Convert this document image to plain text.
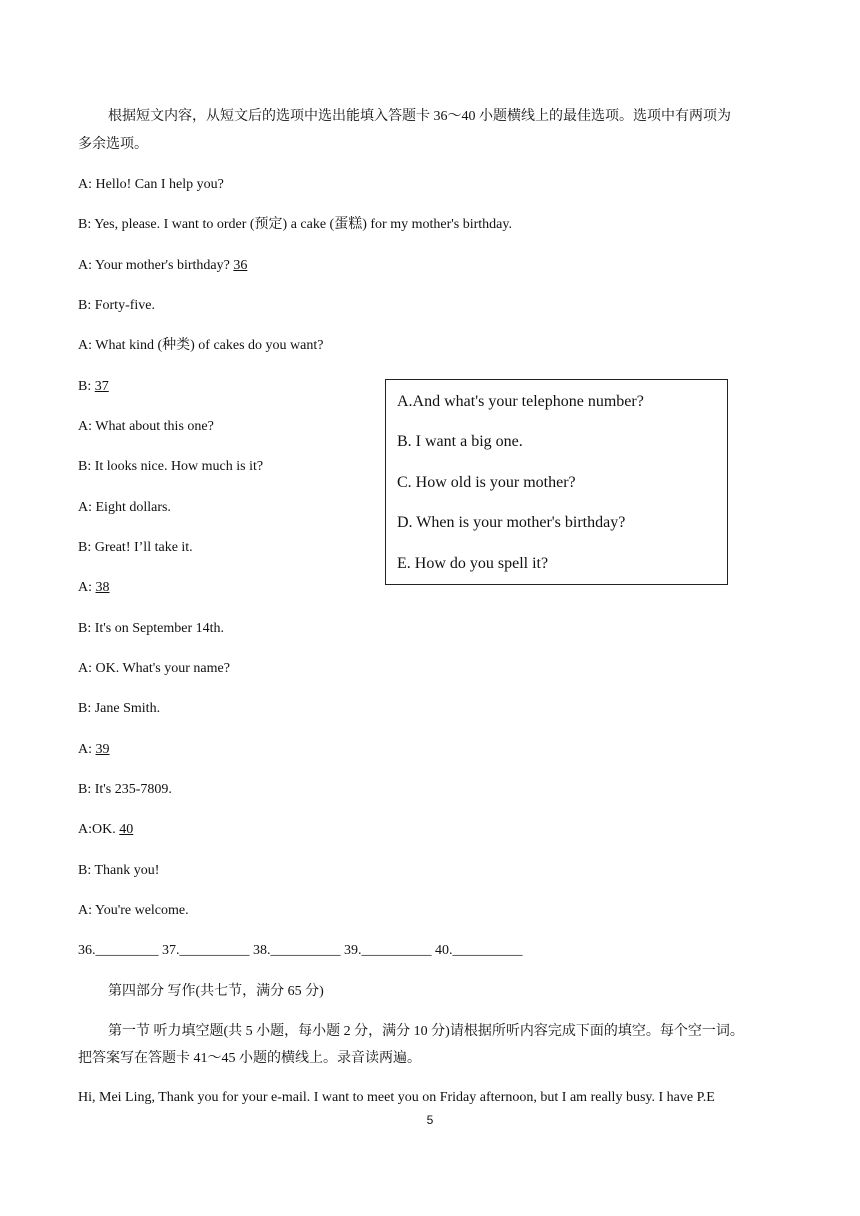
根据短文内容，从短文后的选项中选出能填入答题卡 36～40 小题横线上的最佳选项。选项中有两项为
多余选项。
A: Hello! Can I help you?
B: Yes, please. I want to order (预定) a cake (蛋糕) for my mother's birthday.
A: Your mother's birthday? 36
B: Forty-five.
A: What kind (种类) of cakes do you want?
B: 37
A: What about this one?
B: It looks nice. How much is it?
A: Eight dollars.
B: Great! I’ll take it.
A: 38
B: It's on September 14th.
A: OK. What's your name?
B: Jane Smith.
A: 39
B: It's 235-7809.
A:OK. 40
B: Thank you!
A: You're welcome.
A.And what's your telephone number?
B. I want a big one.
C. How old is your mother?
D. When is your mother's birthday?
E. How do you spell it?
36._________ 37.__________ 38.__________ 39.__________ 40.__________
第四部分 写作(共七节，满分 65 分)
第一节 听力填空题(共 5 小题，每小题 2 分，满分 10 分)请根据所听内容完成下面的填空。每个空一词。
把答案写在答题卡 41～45 小题的横线上。录音读两遍。
Hi, Mei Ling, Thank you for your e-mail. I want to meet you on Friday afternoon, but I am really busy. I have P.E
5
